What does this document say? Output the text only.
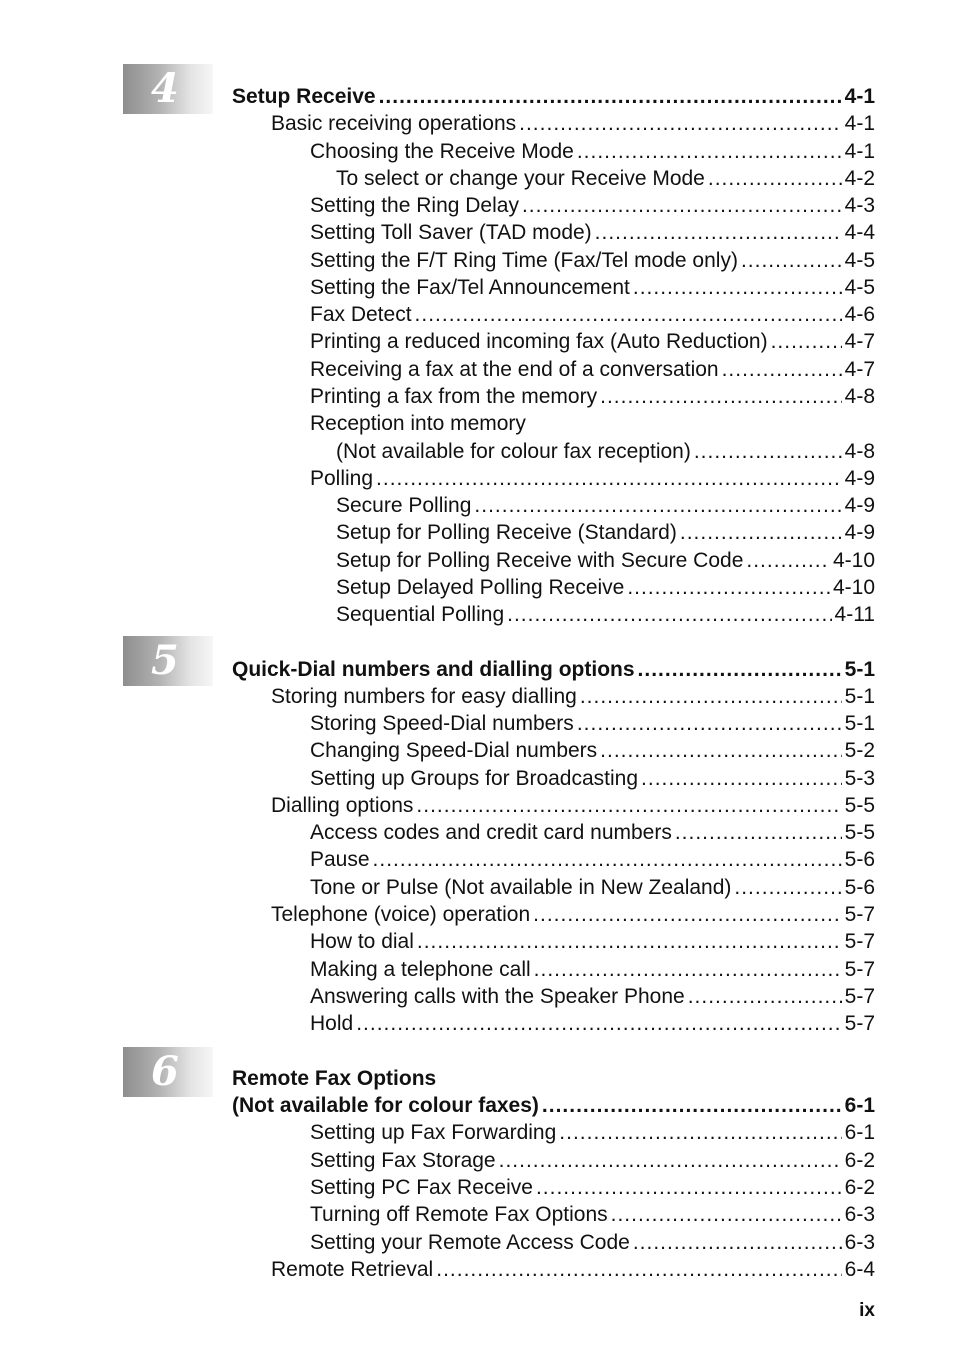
4	Setup Receive .....	4-1
Basic receiving operations .....	4-1
Choosing the Receive Mode .....	4-1
To select or change your Receive Mode .....	4-2
Setting the Ring Delay .....	4-3
Setting Toll Saver (TAD mode) .....	4-4
Setting the F/T Ring Time (Fax/Tel mode only) .....	4-5
Setting the Fax/Tel Announcement .....	4-5
Fax Detect .....	4-6
Printing a reduced incoming fax (Auto Reduction) .....	4-7
Receiving a fax at the end of a conversation .....	4-7
Printing a fax from the memory .....	4-8
Reception into memory
(Not available for colour fax reception) .....	4-8
Polling .....	4-9
Secure Polling .....	4-9
Setup for Polling Receive (Standard) .....	4-9
Setup for Polling Receive with Secure Code .....	4-10
Setup Delayed Polling Receive .....	4-10
Sequential Polling .....	4-11
5	Quick-Dial numbers and dialling options .....	5-1
Storing numbers for easy dialling .....	5-1
Storing Speed-Dial numbers .....	5-1
Changing Speed-Dial numbers .....	5-2
Setting up Groups for Broadcasting .....	5-3
Dialling options .....	5-5
Access codes and credit card numbers .....	5-5
Pause .....	5-6
Tone or Pulse (Not available in New Zealand) .....	5-6
Telephone (voice) operation .....	5-7
How to dial .....	5-7
Making a telephone call .....	5-7
Answering calls with the Speaker Phone .....	5-7
Hold .....	5-7
6	Remote Fax Options
(Not available for colour faxes) .....	6-1
Setting up Fax Forwarding .....	6-1
Setting Fax Storage .....	6-2
Setting PC Fax Receive .....	6-2
Turning off Remote Fax Options .....	6-3
Setting your Remote Access Code .....	6-3
Remote Retrieval .....	6-4
ix
